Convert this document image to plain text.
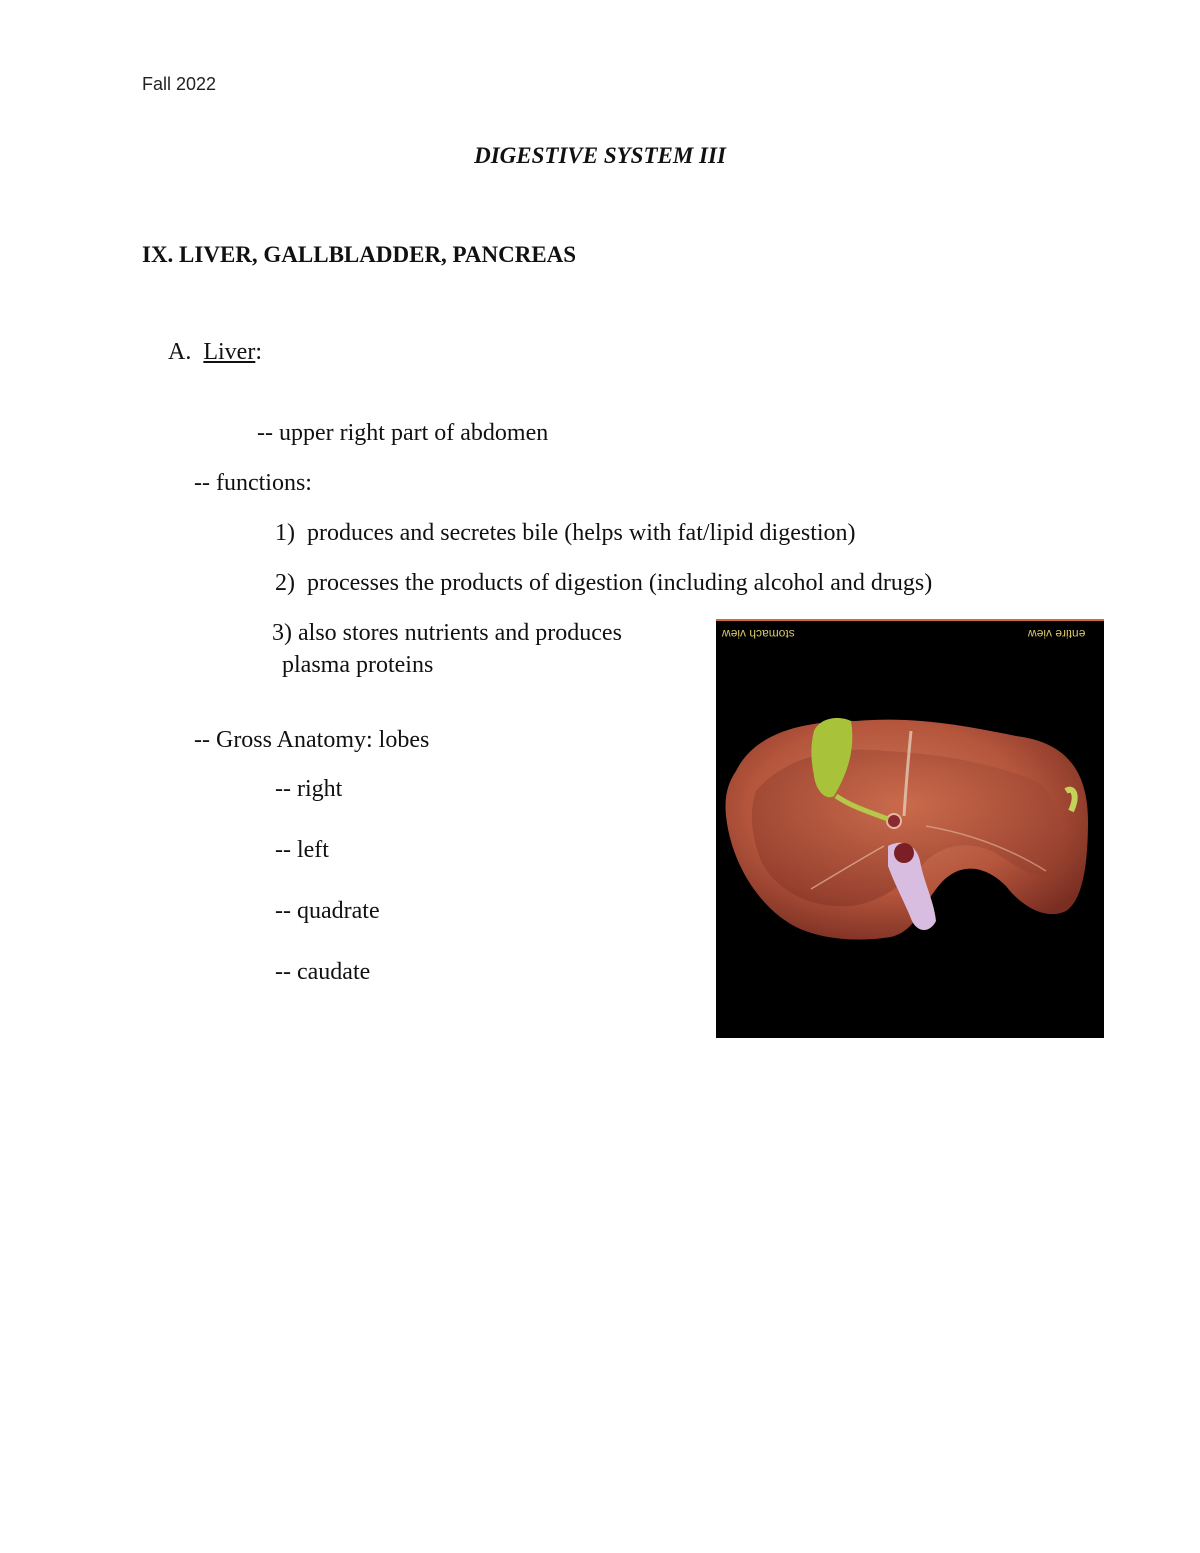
Fall 2022
DIGESTIVE SYSTEM III
IX. LIVER, GALLBLADDER, PANCREAS
A. Liver:
-- upper right part of abdomen
-- functions:
1) produces and secretes bile (helps with fat/lipid digestion)
2) processes the products of digestion (including alcohol and drugs)
3) also stores nutrients and produces
plasma proteins
-- Gross Anatomy: lobes
-- right
-- left
-- quadrate
-- caudate
stomach view	entire view
